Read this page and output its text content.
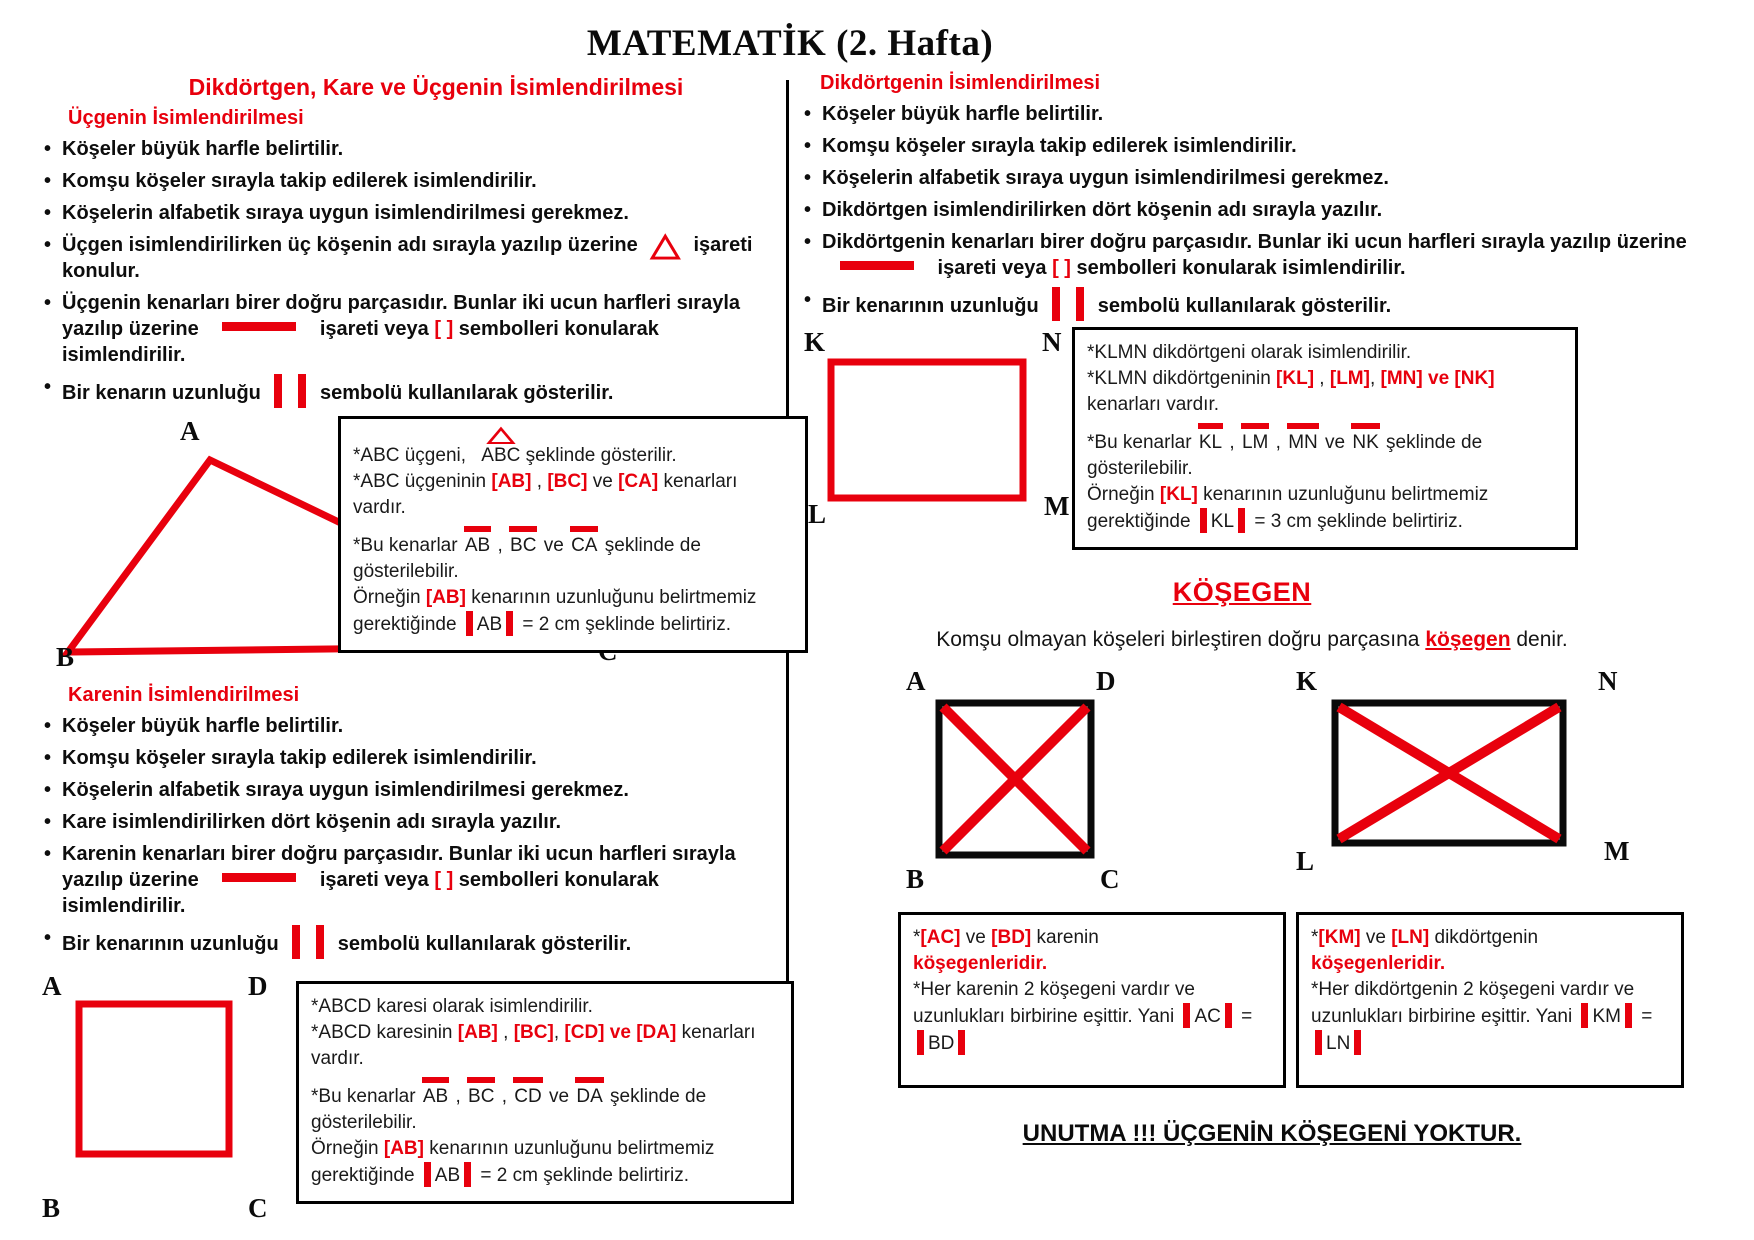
MATEMATİK (2. Hafta)
Dikdörtgen, Kare ve Üçgenin İsimlendirilmesi
Üçgenin İsimlendirilmesi
• Köşeler büyük harfle belirtilir.
• Komşu köşeler sırayla takip edilerek isimlendirilir.
• Köşelerin alfabetik sıraya uygun isimlendirilmesi gerekmez.
• Üçgen isimlendirilirken üç köşenin adı sırayla yazılıp üzerine △ işareti konulur.
• Üçgenin kenarları birer doğru parçasıdır. Bunlar iki ucun harfleri sırayla yazılıp üzerine	işareti veya [ ] sembolleri konularak isimlendirilir.
• Bir kenarın uzunluğu  sembolü kullanılarak gösterilir.
A
B
*ABC üçgeni, △ ABC şeklinde gösterilir.
*ABC üçgeninin [AB] , [BC] ve [CA] kenarları vardır.
*Bu kenarlar AB , BC ve CA şeklinde de gösterilebilir.
Örneğin [AB] kenarının uzunluğunu belirtmemiz gerektiğinde AB = 2 cm şeklinde belirtiriz.
Karenin İsimlendirilmesi
• Köşeler büyük harfle belirtilir.
• Komşu köşeler sırayla takip edilerek isimlendirilir.
• Köşelerin alfabetik sıraya uygun isimlendirilmesi gerekmez.
• Kare isimlendirilirken dört köşenin adı sırayla yazılır.
• Karenin kenarları birer doğru parçasıdır. Bunlar iki ucun harfleri sırayla yazılıp üzerine	işareti veya [ ] sembolleri konularak isimlendirilir.
• Bir kenarının uzunluğu  sembolü kullanılarak gösterilir.
A	D
B	C
*ABCD karesi olarak isimlendirilir.
*ABCD karesinin [AB] , [BC], [CD] ve [DA] kenarları vardır.
*Bu kenarlar AB , BC , CD ve DA şeklinde de gösterilebilir.
Örneğin [AB] kenarının uzunluğunu belirtmemiz gerektiğinde AB = 2 cm şeklinde belirtiriz.
Dikdörtgenin İsimlendirilmesi
• Köşeler büyük harfle belirtilir.
• Komşu köşeler sırayla takip edilerek isimlendirilir.
• Köşelerin alfabetik sıraya uygun isimlendirilmesi gerekmez.
• Dikdörtgen isimlendirilirken dört köşenin adı sırayla yazılır.
• Dikdörtgenin kenarları birer doğru parçasıdır. Bunlar iki ucun harfleri sırayla yazılıp üzerine  işareti veya [ ] sembolleri konularak isimlendirilir.
• Bir kenarının uzunluğu  sembolü kullanılarak gösterilir.
K	N
L	M
*KLMN dikdörtgeni olarak isimlendirilir.
*KLMN dikdörtgeninin [KL] , [LM], [MN] ve [NK] kenarları vardır.
*Bu kenarlar KL , LM , MN ve NK şeklinde de gösterilebilir.
Örneğin [KL] kenarının uzunluğunu belirtmemiz gerektiğinde KL = 3 cm şeklinde belirtiriz.
KÖŞEGEN
Komşu olmayan köşeleri birleştiren doğru parçasına köşegen denir.
A	D
B	C
K	N
L	M
*[AC] ve [BD] karenin
köşegenleridir.
*Her karenin 2 köşegeni vardır ve uzunlukları birbirine eşittir. Yani AC = BD
*[KM] ve [LN] dikdörtgenin
köşegenleridir.
*Her dikdörtgenin 2 köşegeni vardır ve uzunlukları birbirine eşittir. Yani KM = LN
UNUTMA !!! ÜÇGENİN KÖŞEGENİ YOKTUR.
